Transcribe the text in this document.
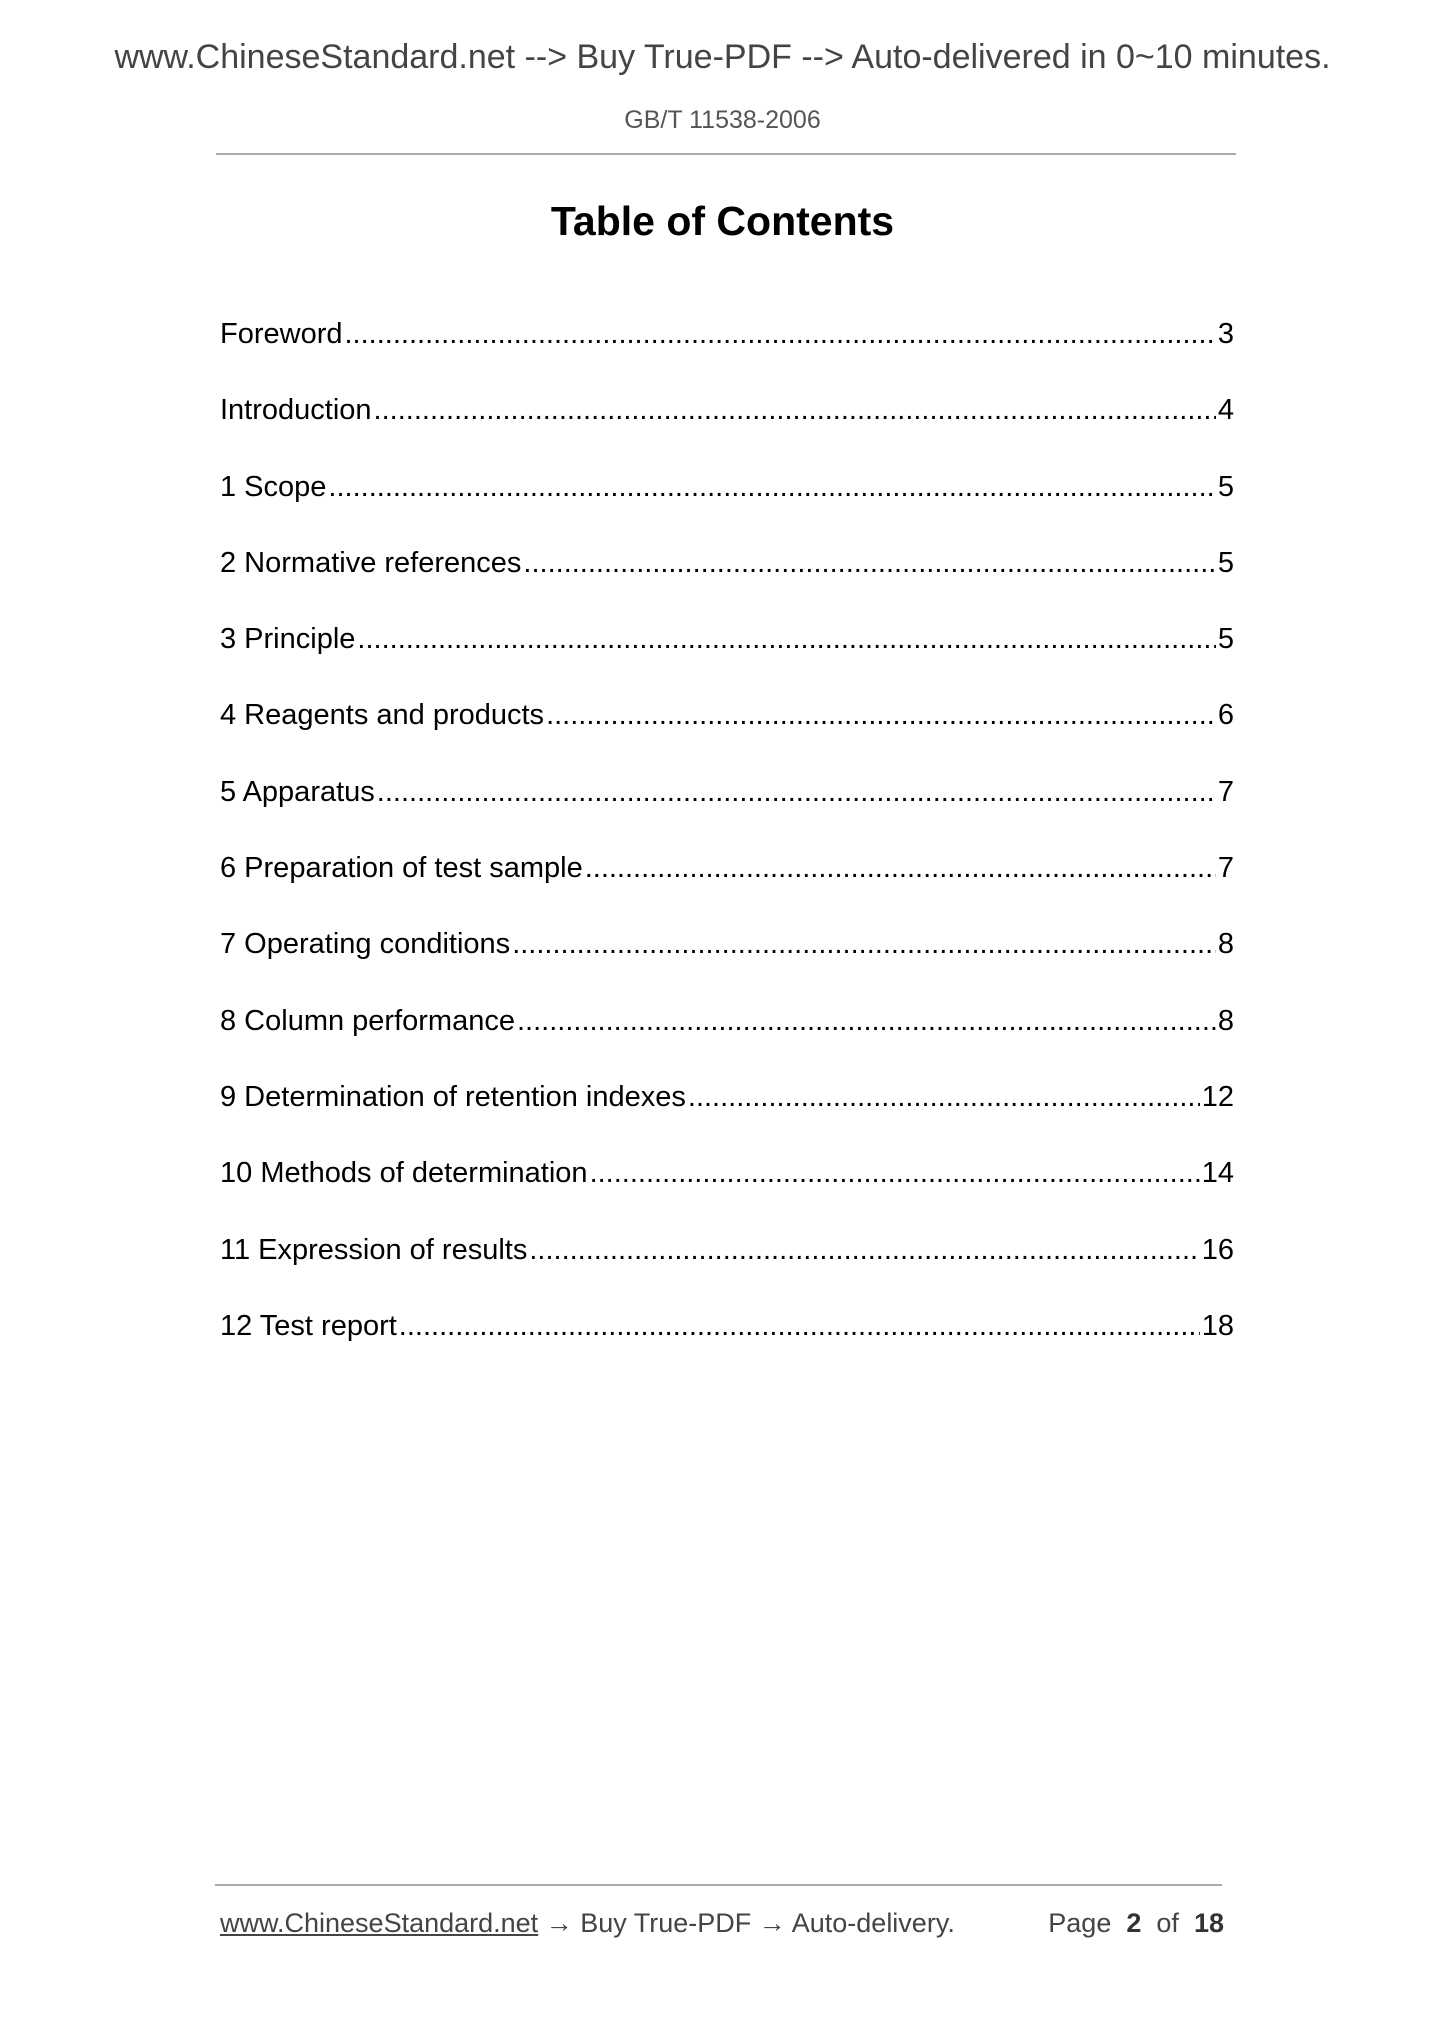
www.ChineseStandard.net --> Buy True-PDF --> Auto-delivered in 0~10 minutes.
GB/T 11538-2006
Table of Contents
Foreword .....	3
Introduction .....	4
1 Scope .....	5
2 Normative references .....	5
3 Principle .....	5
4 Reagents and products .....	6
5 Apparatus .....	7
6 Preparation of test sample .....	7
7 Operating conditions .....	8
8 Column performance .....	8
9 Determination of retention indexes .....	12
10 Methods of determination .....	14
11 Expression of results .....	16
12 Test report .....	18
www.ChineseStandard.net → Buy True-PDF → Auto-delivery.	Page 2 of 18
